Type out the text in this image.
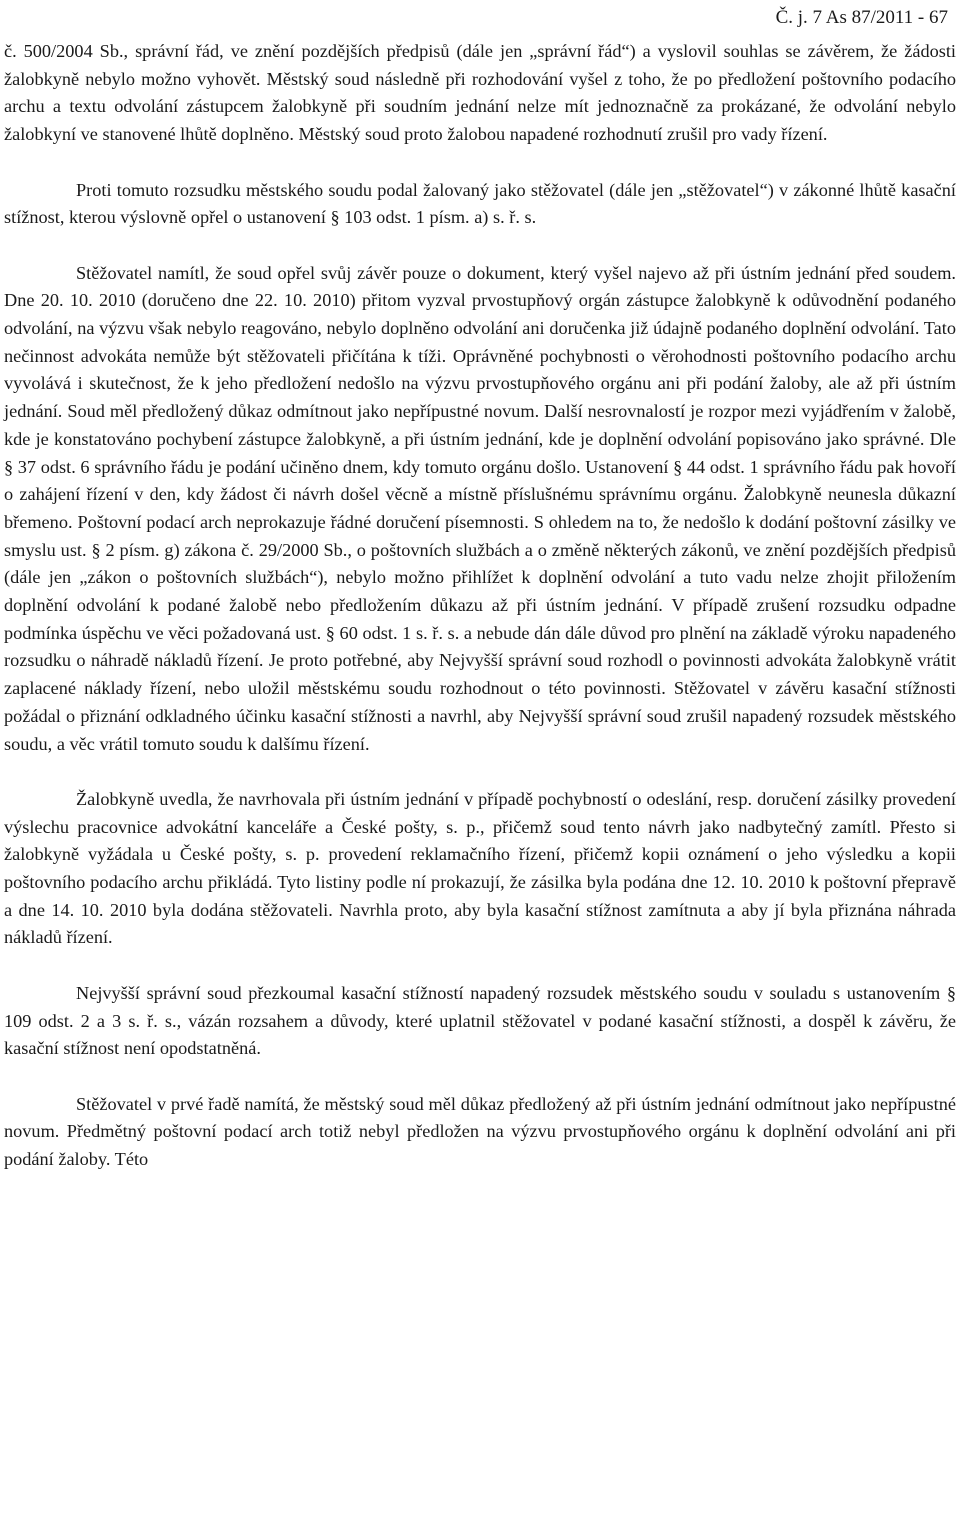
Č. j. 7 As 87/2011 - 67

č. 500/2004 Sb., správní řád, ve znění pozdějších předpisů (dále jen „správní řád“) a vyslovil souhlas se závěrem, že žádosti žalobkyně nebylo možno vyhovět. Městský soud následně při rozhodování vyšel z toho, že po předložení poštovního podacího archu a textu odvolání zástupcem žalobkyně při soudním jednání nelze mít jednoznačně za prokázané, že odvolání nebylo žalobkyní ve stanovené lhůtě doplněno. Městský soud proto žalobou napadené rozhodnutí zrušil pro vady řízení.

Proti tomuto rozsudku městského soudu podal žalovaný jako stěžovatel (dále jen „stěžovatel“) v zákonné lhůtě kasační stížnost, kterou výslovně opřel o ustanovení § 103 odst. 1 písm. a) s. ř. s.

Stěžovatel namítl, že soud opřel svůj závěr pouze o dokument, který vyšel najevo až při ústním jednání před soudem. Dne 20. 10. 2010 (doručeno dne 22. 10. 2010) přitom vyzval prvostupňový orgán zástupce žalobkyně k odůvodnění podaného odvolání, na výzvu však nebylo reagováno, nebylo doplněno odvolání ani doručenka již údajně podaného doplnění odvolání. Tato nečinnost advokáta nemůže být stěžovateli přičítána k tíži. Oprávněné pochybnosti o věrohodnosti poštovního podacího archu vyvolává i skutečnost, že k jeho předložení nedošlo na výzvu prvostupňového orgánu ani při podání žaloby, ale až při ústním jednání. Soud měl předložený důkaz odmítnout jako nepřípustné novum. Další nesrovnalostí je rozpor mezi vyjádřením v žalobě, kde je konstatováno pochybení zástupce žalobkyně, a při ústním jednání, kde je doplnění odvolání popisováno jako správné. Dle § 37 odst. 6 správního řádu je podání učiněno dnem, kdy tomuto orgánu došlo. Ustanovení § 44 odst. 1 správního řádu pak hovoří o zahájení řízení v den, kdy žádost či návrh došel věcně a místně příslušnému správnímu orgánu. Žalobkyně neunesla důkazní břemeno. Poštovní podací arch neprokazuje řádné doručení písemnosti. S ohledem na to, že nedošlo k dodání poštovní zásilky ve smyslu ust. § 2 písm. g) zákona č. 29/2000 Sb., o poštovních službách a o změně některých zákonů, ve znění pozdějších předpisů (dále jen „zákon o poštovních službách“), nebylo možno přihlížet k doplnění odvolání a tuto vadu nelze zhojit přiložením doplnění odvolání k podané žalobě nebo předložením důkazu až při ústním jednání. V případě zrušení rozsudku odpadne podmínka úspěchu ve věci požadovaná ust. § 60 odst. 1 s. ř. s. a nebude dán dále důvod pro plnění na základě výroku napadeného rozsudku o náhradě nákladů řízení. Je proto potřebné, aby Nejvyšší správní soud rozhodl o povinnosti advokáta žalobkyně vrátit zaplacené náklady řízení, nebo uložil městskému soudu rozhodnout o této povinnosti. Stěžovatel v závěru kasační stížnosti požádal o přiznání odkladného účinku kasační stížnosti a navrhl, aby Nejvyšší správní soud zrušil napadený rozsudek městského soudu, a věc vrátil tomuto soudu k dalšímu řízení.

Žalobkyně uvedla, že navrhovala při ústním jednání v případě pochybností o odeslání, resp. doručení zásilky provedení výslechu pracovnice advokátní kanceláře a České pošty, s. p., přičemž soud tento návrh jako nadbytečný zamítl. Přesto si žalobkyně vyžádala u České pošty, s. p. provedení reklamačního řízení, přičemž kopii oznámení o jeho výsledku a kopii poštovního podacího archu přikládá. Tyto listiny podle ní prokazují, že zásilka byla podána dne 12. 10. 2010 k poštovní přepravě a dne 14. 10. 2010 byla dodána stěžovateli. Navrhla proto, aby byla kasační stížnost zamítnuta a aby jí byla přiznána náhrada nákladů řízení.

Nejvyšší správní soud přezkoumal kasační stížností napadený rozsudek městského soudu v souladu s ustanovením § 109 odst. 2 a 3 s. ř. s., vázán rozsahem a důvody, které uplatnil stěžovatel v podané kasační stížnosti, a dospěl k závěru, že kasační stížnost není opodstatněná.

Stěžovatel v prvé řadě namítá, že městský soud měl důkaz předložený až při ústním jednání odmítnout jako nepřípustné novum. Předmětný poštovní podací arch totiž nebyl předložen na výzvu prvostupňového orgánu k doplnění odvolání ani při podání žaloby. Této
